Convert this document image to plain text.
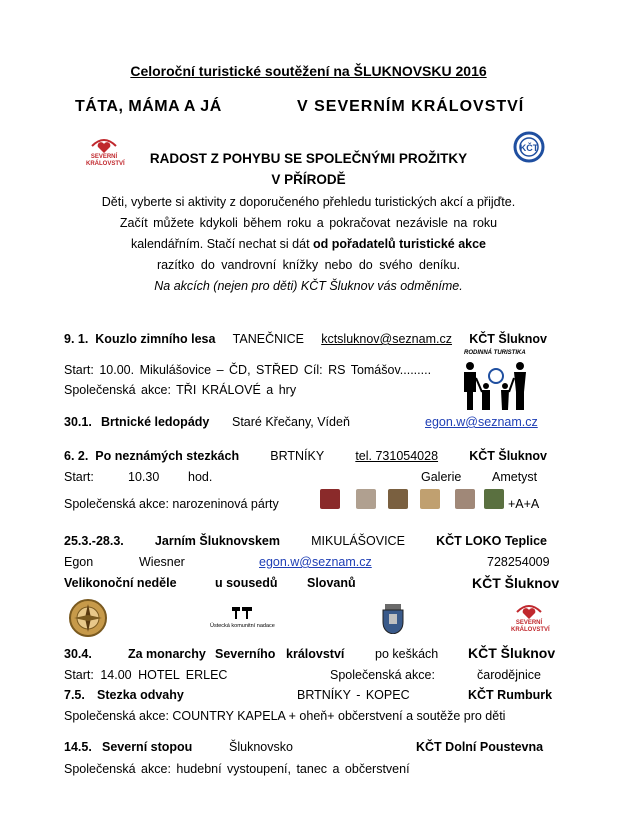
Celoroční turistické soutěžení na ŠLUKNOVSKU 2016
TÁTA, MÁMA A JÁ	V SEVERNÍM KRÁLOVSTVÍ
SEVERNÍ
KRÁLOVSTVÍ
KČT
RADOST Z POHYBU SE SPOLEČNÝMI PROŽITKY
V PŘÍRODĚ
Děti, vyberte si aktivity z doporučeného přehledu turistických akcí a přijďte.
Začít můžete kdykoli během roku a pokračovat nezávisle na roku
kalendářním. Stačí nechat si dát od pořadatelů turistické akce
razítko do vandrovní knížky nebo do svého deníku.
Na akcích (nejen pro děti) KČT Šluknov vás odměníme.
9. 1. Kouzlo zimního lesa TANEČNICE kctsluknov@seznam.cz KČT Šluknov
Start: 10.00. Mikulášovice – ČD, STŘED Cíl: RS Tomášov.........
Společenská akce: TŘI KRÁLOVÉ a hry
RODINNÁ TURISTIKA
30.1. Brtnické ledopády Staré Křečany, Vídeň	egon.w@seznam.cz
6. 2. Po neznámých stezkách BRTNÍKY tel. 731054028 KČT Šluknov
Start:	10.30 hod.	Galerie Ametyst
Společenská akce: narozeninová párty	+A+A
25.3.-28.3. Jarním Šluknovskem MIKULÁŠOVICE KČT LOKO Teplice
Egon	Wiesner	egon.w@seznam.cz	728254009
Velikonoční neděle	u sousedů Slovanů	KČT Šluknov
Ústecká komunitní nadace	SEVERNÍ
KRÁLOVSTVÍ
30.4.	Za monarchy Severního království po keškách KČT Šluknov
Start: 14.00 HOTEL ERLEC	Společenská akce:	čarodějnice
7.5. Stezka odvahy	BRTNÍKY - KOPEC	KČT Rumburk
Společenská akce: COUNTRY KAPELA + oheň+ občerstvení a soutěže pro děti
14.5. Severní stopou	Šluknovsko	KČT Dolní Poustevna
Společenská akce: hudební vystoupení, tanec a občerstvení
